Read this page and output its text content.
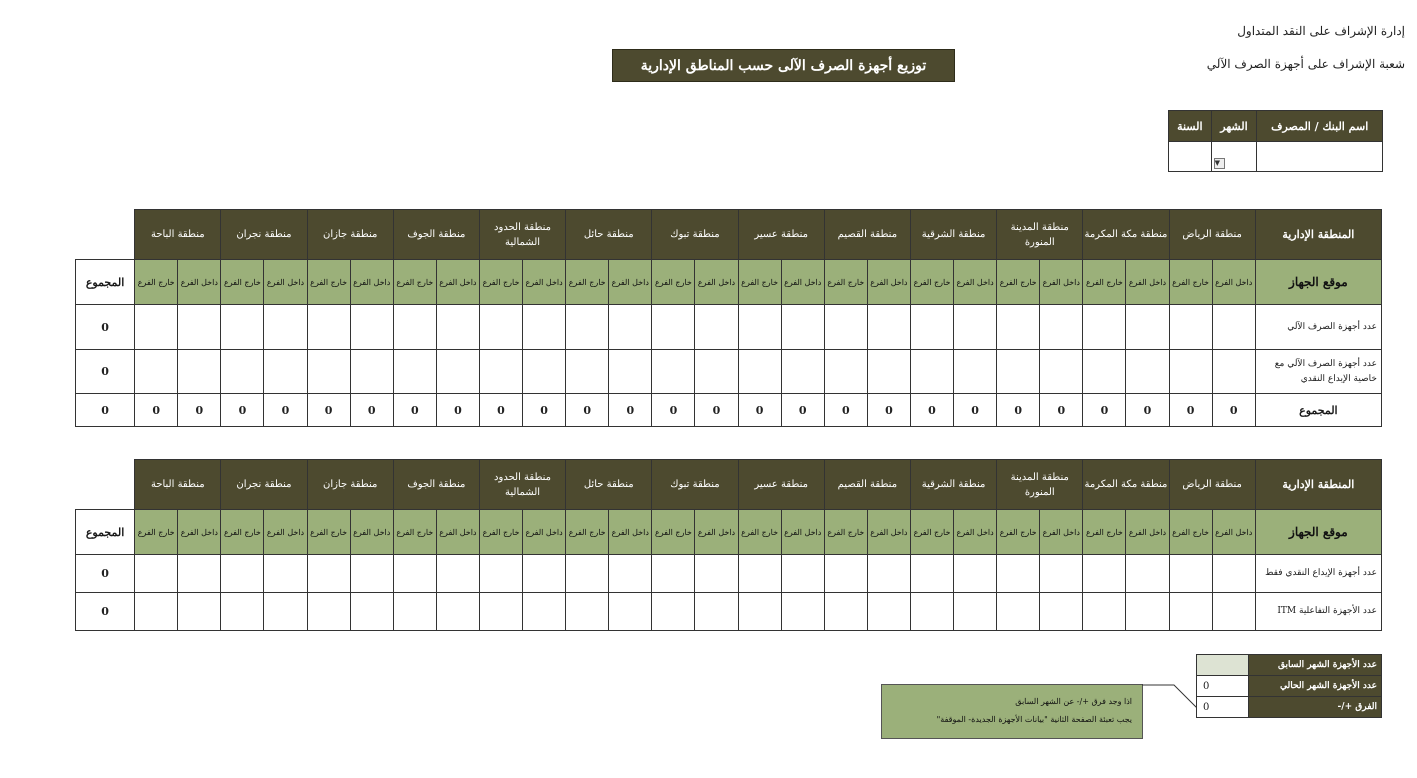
إدارة الإشراف على النقد المتداول
شعبة الإشراف على أجهزة الصرف الآلي
توزيع أجهزة الصرف الآلى حسب المناطق الإدارية
اسم البنك / المصرف	الشهر	السنة
	▼	
المنطقة الإدارية	منطقة الرياض		منطقة مكة المكرمة		منطقة المدينة المنورة		منطقة الشرقية		منطقة القصيم		منطقة عسير		منطقة تبوك		منطقة حائل		منطقة الحدود الشمالية		منطقة الجوف		منطقة جازان		منطقة نجران		منطقة الباحة		
موقع الجهاز	داخل الفرع	خارج الفرع	داخل الفرع	خارج الفرع	داخل الفرع	خارج الفرع	داخل الفرع	خارج الفرع	داخل الفرع	خارج الفرع	داخل الفرع	خارج الفرع	داخل الفرع	خارج الفرع	داخل الفرع	خارج الفرع	داخل الفرع	خارج الفرع	داخل الفرع	خارج الفرع	داخل الفرع	خارج الفرع	داخل الفرع	خارج الفرع	داخل الفرع	خارج الفرع	المجموع
عدد أجهزة الصرف الآلي																											0
عدد أجهزة الصرف الآلي مع خاصية الإيداع النقدي																											0
المجموع	0	0	0	0	0	0	0	0	0	0	0	0	0	0	0	0	0	0	0	0	0	0	0	0	0	0	0
المنطقة الإدارية	منطقة الرياض		منطقة مكة المكرمة		منطقة المدينة المنورة		منطقة الشرقية		منطقة القصيم		منطقة عسير		منطقة تبوك		منطقة حائل		منطقة الحدود الشمالية		منطقة الجوف		منطقة جازان		منطقة نجران		منطقة الباحة		
موقع الجهاز	داخل الفرع	خارج الفرع	داخل الفرع	خارج الفرع	داخل الفرع	خارج الفرع	داخل الفرع	خارج الفرع	داخل الفرع	خارج الفرع	داخل الفرع	خارج الفرع	داخل الفرع	خارج الفرع	داخل الفرع	خارج الفرع	داخل الفرع	خارج الفرع	داخل الفرع	خارج الفرع	داخل الفرع	خارج الفرع	داخل الفرع	خارج الفرع	داخل الفرع	خارج الفرع	المجموع
عدد أجهزة الإيداع النقدي فقط																											0
عدد الأجهزة التفاعلية ITM																											0
اذا وجد فرق +/- عن الشهر السابق
يجب تعبئة الصفحة الثانية "بيانات الأجهزة الجديدة- الموقفة"
عدد الأجهزة الشهر السابق	
عدد الأجهزة الشهر الحالي	0
الفرق +/-	0
